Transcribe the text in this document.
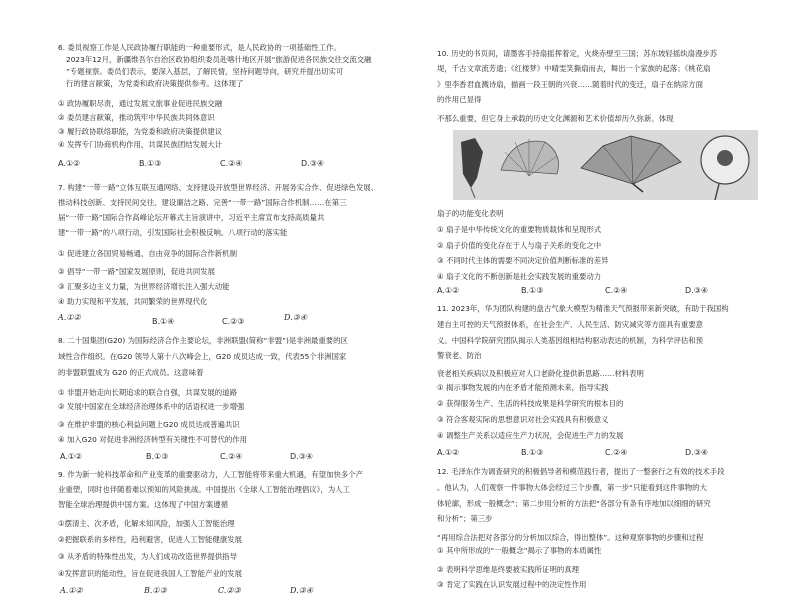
6. 委员视察工作是人民政协履行职能的一种重要形式，是人民政协的一项基础性工作。
2023年12月，新疆维吾尔自治区政协组织委员赴喀什地区开展“旅游促进各民族交往交流交融
”专题视察。委员们表示，要深入基层，了解民情，坚持问题导向，研究并提出切实可
行的建言献策，为党委和政府决策提供参考。这体现了
① 政协履职尽责，通过发展文旅事业促进民族交融
② 委员建言献策，推动筑牢中华民族共同体意识
③ 履行政协联络职能，为党委和政府决策提供建议
④ 发挥专门协商机构作用，共谋民族团结发展大计
A.①②	B.①③	C.②④	D.③④
7. 构建“一带一路”立体互联互通网络、支持建设开放型世界经济、开展务实合作、促进绿色发展、
推动科技创新、支持民间交往、建设廉洁之路、完善“一带一路”国际合作机制……在第三
届“一带一路”国际合作高峰论坛开幕式主旨演讲中，习近平主席宣布支持高质量共
建“一带一路”的八项行动，引发国际社会积极反响。八项行动的落实能
① 促进建立各国贸易畅通、自由竞争的国际合作新机制
② 倡导“一带一路”国家发展原则，促进共同发展
③ 汇聚多边主义力量，为世界经济增长注入强大动能
④ 助力实现和平发展，共同繁荣的世界现代化
A.①②	B.①④	C.②③	D.③④
8. 二十国集团(G20) 为国际经济合作主要论坛，非洲联盟(简称“非盟”)是非洲最重要的区
域性合作组织。在G20 领导人第十八次峰会上，G20 成员达成一致，代表55个非洲国家
的非盟联盟成为 G20 的正式成员。这意味着
① 非盟开始走向长期追求的联合自强，共谋发展的道路
② 发展中国家在全球经济治理体系中的话语权进一步增强
③ 在维护非盟的核心利益问题上G20 成员达成普遍共识
④ 加入G20 对促进非洲经济转型有关键性不可替代的作用
A.①②	B.①③	C.②④	D.③④
9. 作为新一轮科技革命和产业变革的重要驱动力，人工智能将带来重大机遇，有望加快多个产
业重塑，同时也伴随着难以预知的风险挑战。中国提出《全球人工智能治理倡议》，为人工
智能全球治理提供中国方案。这体现了中国方案遵循
①摆清主、次矛盾，化解未知风险，加强人工智能治理
②把握联系的多样性，趋利避害，促进人工智能健康发展
③ 从矛盾的特殊性出发，为人们成功改造世界提供指导
④发挥意识的能动性，旨在促进我国人工智能产业的发展
A.①②	B.①③	C.②③	D.③④
10. 历史的书页间，请墨客手持扇摇挥着定，火烧赤壁至三国；苏东坡轻摇纨扇漫步苏
堤，千古文章流芳遗；《红楼梦》中晴雯笑撕扇而去，舞出一个家族的起落；《桃花扇
》里李香君血溅诗扇，描画一段王朝的兴衰……随着时代的变迁，扇子在纳凉方面
的作用已显得
不那么重要，但它身上承载的历史文化渊源和艺术价值却历久弥新。体现
扇子的功能变化表明
① 扇子是中华传统文化的重要物质载体和呈现形式
② 扇子价值的变化存在于人与扇子关系的变化之中
③ 不同时代主体的需要不同决定价值判断标准的差异
④ 扇子文化的不断创新是社会实践发展的重要动力
A.①②	B.①③	C.②④	D.③④
11. 2023年，华为团队构建的盘古气象大模型为精准天气预报带来新突破，有助于我国构
建自主可控的天气预报体系，在社会生产、人民生活、防灾减灾等方面具有重要意
义。中国科学院研究团队揭示人类基因组相结构驱动表达的机制，为科学评估和预
警衰老、防治
衰老相关疾病以及积极应对人口老龄化提供新思路……材料表明
① 揭示事物发展的内在矛盾才能预测未来，指导实践
② 获得服务生产、生活的科技成果是科学研究的根本目的
③ 符合客观实际的思想意识对社会实践具有积极意义
④ 调整生产关系以适应生产力状况，会促进生产力的发展
A.①②	B.①③	C.②④	D.③④
12. 毛泽东作为调查研究的积极倡导者和模范践行者，提出了一整套行之有效的技术手段
。他认为，人们观察一件事物大体会经过三个步骤，第一步“只能看到这件事物的大
体轮廓，形成一般概念”；第二步用分析的方法把“各部分有条有序地加以细细的研究
和分析”；第三步
“再用综合法把对各部分的分析加以综合，得出整体”。这种观察事物的步骤和过程
① 其中所形成的“一般概念”揭示了事物的本质属性
② 表明科学思维是终要被实践所证明的真理
③ 肯定了实践在认识发展过程中的决定性作用
